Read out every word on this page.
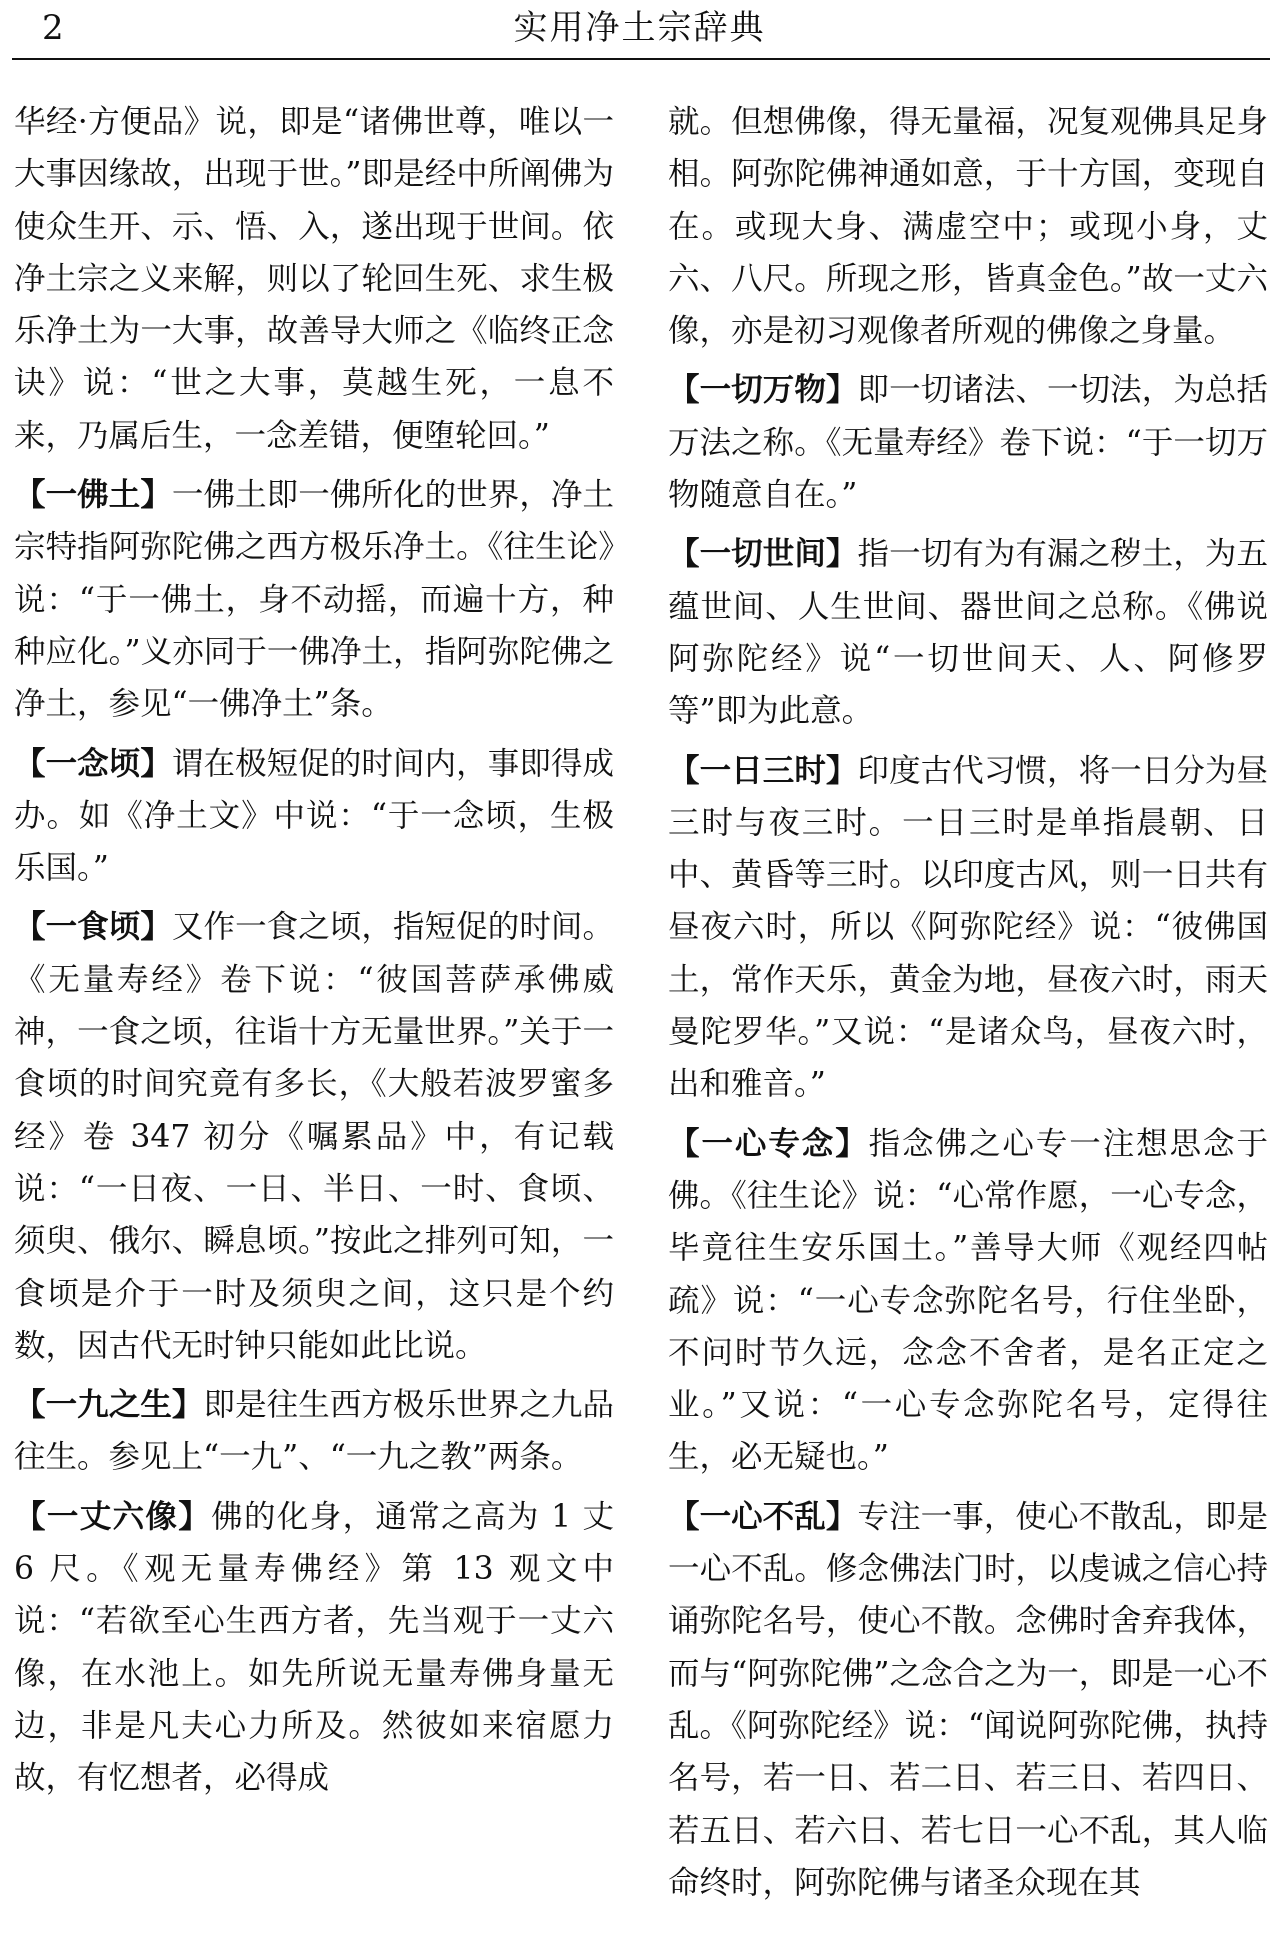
2	实用净土宗辞典

华经·方便品》说，即是“诸佛世尊，唯以一大事因缘故，出现于世。”即是经中所阐佛为使众生开、示、悟、入，遂出现于世间。依净土宗之义来解，则以了轮回生死、求生极乐净土为一大事，故善导大师之《临终正念诀》说：“世之大事，莫越生死，一息不来，乃属后生，一念差错，便堕轮回。”

【一佛土】一佛土即一佛所化的世界，净土宗特指阿弥陀佛之西方极乐净土。《往生论》说：“于一佛土，身不动摇，而遍十方，种种应化。”义亦同于一佛净土，指阿弥陀佛之净土，参见“一佛净土”条。

【一念顷】谓在极短促的时间内，事即得成办。如《净土文》中说：“于一念顷，生极乐国。”

【一食顷】又作一食之顷，指短促的时间。《无量寿经》卷下说：“彼国菩萨承佛威神，一食之顷，往诣十方无量世界。”关于一食顷的时间究竟有多长，《大般若波罗蜜多经》卷 347 初分《嘱累品》中，有记载说：“一日夜、一日、半日、一时、食顷、须臾、俄尔、瞬息顷。”按此之排列可知，一食顷是介于一时及须臾之间，这只是个约数，因古代无时钟只能如此比说。

【一九之生】即是往生西方极乐世界之九品往生。参见上“一九”、“一九之教”两条。

【一丈六像】佛的化身，通常之高为 1 丈 6 尺。《观无量寿佛经》第 13 观文中说：“若欲至心生西方者，先当观于一丈六像，在水池上。如先所说无量寿佛身量无边，非是凡夫心力所及。然彼如来宿愿力故，有忆想者，必得成

就。但想佛像，得无量福，况复观佛具足身相。阿弥陀佛神通如意，于十方国，变现自在。或现大身、满虚空中；或现小身，丈六、八尺。所现之形，皆真金色。”故一丈六像，亦是初习观像者所观的佛像之身量。

【一切万物】即一切诸法、一切法，为总括万法之称。《无量寿经》卷下说：“于一切万物随意自在。”

【一切世间】指一切有为有漏之秽土，为五蕴世间、人生世间、器世间之总称。《佛说阿弥陀经》说“一切世间天、人、阿修罗等”即为此意。

【一日三时】印度古代习惯，将一日分为昼三时与夜三时。一日三时是单指晨朝、日中、黄昏等三时。以印度古风，则一日共有昼夜六时，所以《阿弥陀经》说：“彼佛国土，常作天乐，黄金为地，昼夜六时，雨天曼陀罗华。”又说：“是诸众鸟，昼夜六时，出和雅音。”

【一心专念】指念佛之心专一注想思念于佛。《往生论》说：“心常作愿，一心专念，毕竟往生安乐国土。”善导大师《观经四帖疏》说：“一心专念弥陀名号，行住坐卧，不问时节久远，念念不舍者，是名正定之业。”又说：“一心专念弥陀名号，定得往生，必无疑也。”

【一心不乱】专注一事，使心不散乱，即是一心不乱。修念佛法门时，以虔诚之信心持诵弥陀名号，使心不散。念佛时舍弃我体，而与“阿弥陀佛”之念合之为一，即是一心不乱。《阿弥陀经》说：“闻说阿弥陀佛，执持名号，若一日、若二日、若三日、若四日、若五日、若六日、若七日一心不乱，其人临命终时，阿弥陀佛与诸圣众现在其
